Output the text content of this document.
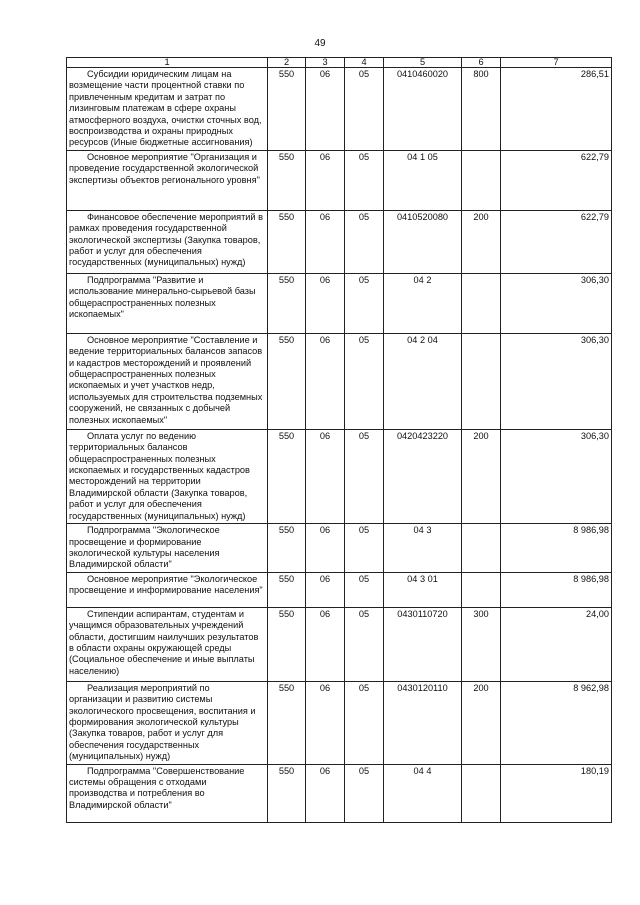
49
1	2	3	4	5	6	7
Субсидии юридическим лицам на возмещение части процентной ставки по привлеченным кредитам и затрат по лизинговым платежам в сфере охраны атмосферного воздуха, очистки сточных вод, воспроизводства и охраны природных ресурсов (Иные бюджетные ассигнования)	550	06	05	0410460020	800	286,51
Основное мероприятие "Организация и проведение государственной экологической экспертизы объектов регионального уровня"	550	06	05	04 1 05		622,79
Финансовое обеспечение мероприятий в рамках проведения государственной экологической экспертизы (Закупка товаров, работ и услуг для обеспечения государственных (муниципальных) нужд)	550	06	05	0410520080	200	622,79
Подпрограмма "Развитие и использование минерально-сырьевой базы общераспространенных полезных ископаемых"	550	06	05	04 2		306,30
Основное мероприятие "Составление и ведение территориальных балансов запасов и кадастров месторождений и проявлений общераспространенных полезных ископаемых и учет участков недр, используемых для строительства подземных сооружений, не связанных с добычей полезных ископаемых"	550	06	05	04 2 04		306,30
Оплата услуг по ведению территориальных балансов общераспространенных полезных ископаемых и государственных кадастров месторождений на территории Владимирской области (Закупка товаров, работ и услуг для обеспечения государственных (муниципальных) нужд)	550	06	05	0420423220	200	306,30
Подпрограмма "Экологическое просвещение и формирование экологической культуры населения Владимирской области"	550	06	05	04 3		8 986,98
Основное мероприятие "Экологическое просвещение и информирование населения"	550	06	05	04 3 01		8 986,98
Стипендии аспирантам, студентам и учащимся образовательных учреждений области, достигшим наилучших результатов в области охраны окружающей среды (Социальное обеспечение и иные выплаты населению)	550	06	05	0430110720	300	24,00
Реализация мероприятий по организации и развитию системы экологического просвещения, воспитания и формирования экологической культуры (Закупка товаров, работ и услуг для обеспечения государственных (муниципальных) нужд)	550	06	05	0430120110	200	8 962,98
Подпрограмма "Совершенствование системы обращения с отходами производства и потребления во Владимирской области"	550	06	05	04 4		180,19
